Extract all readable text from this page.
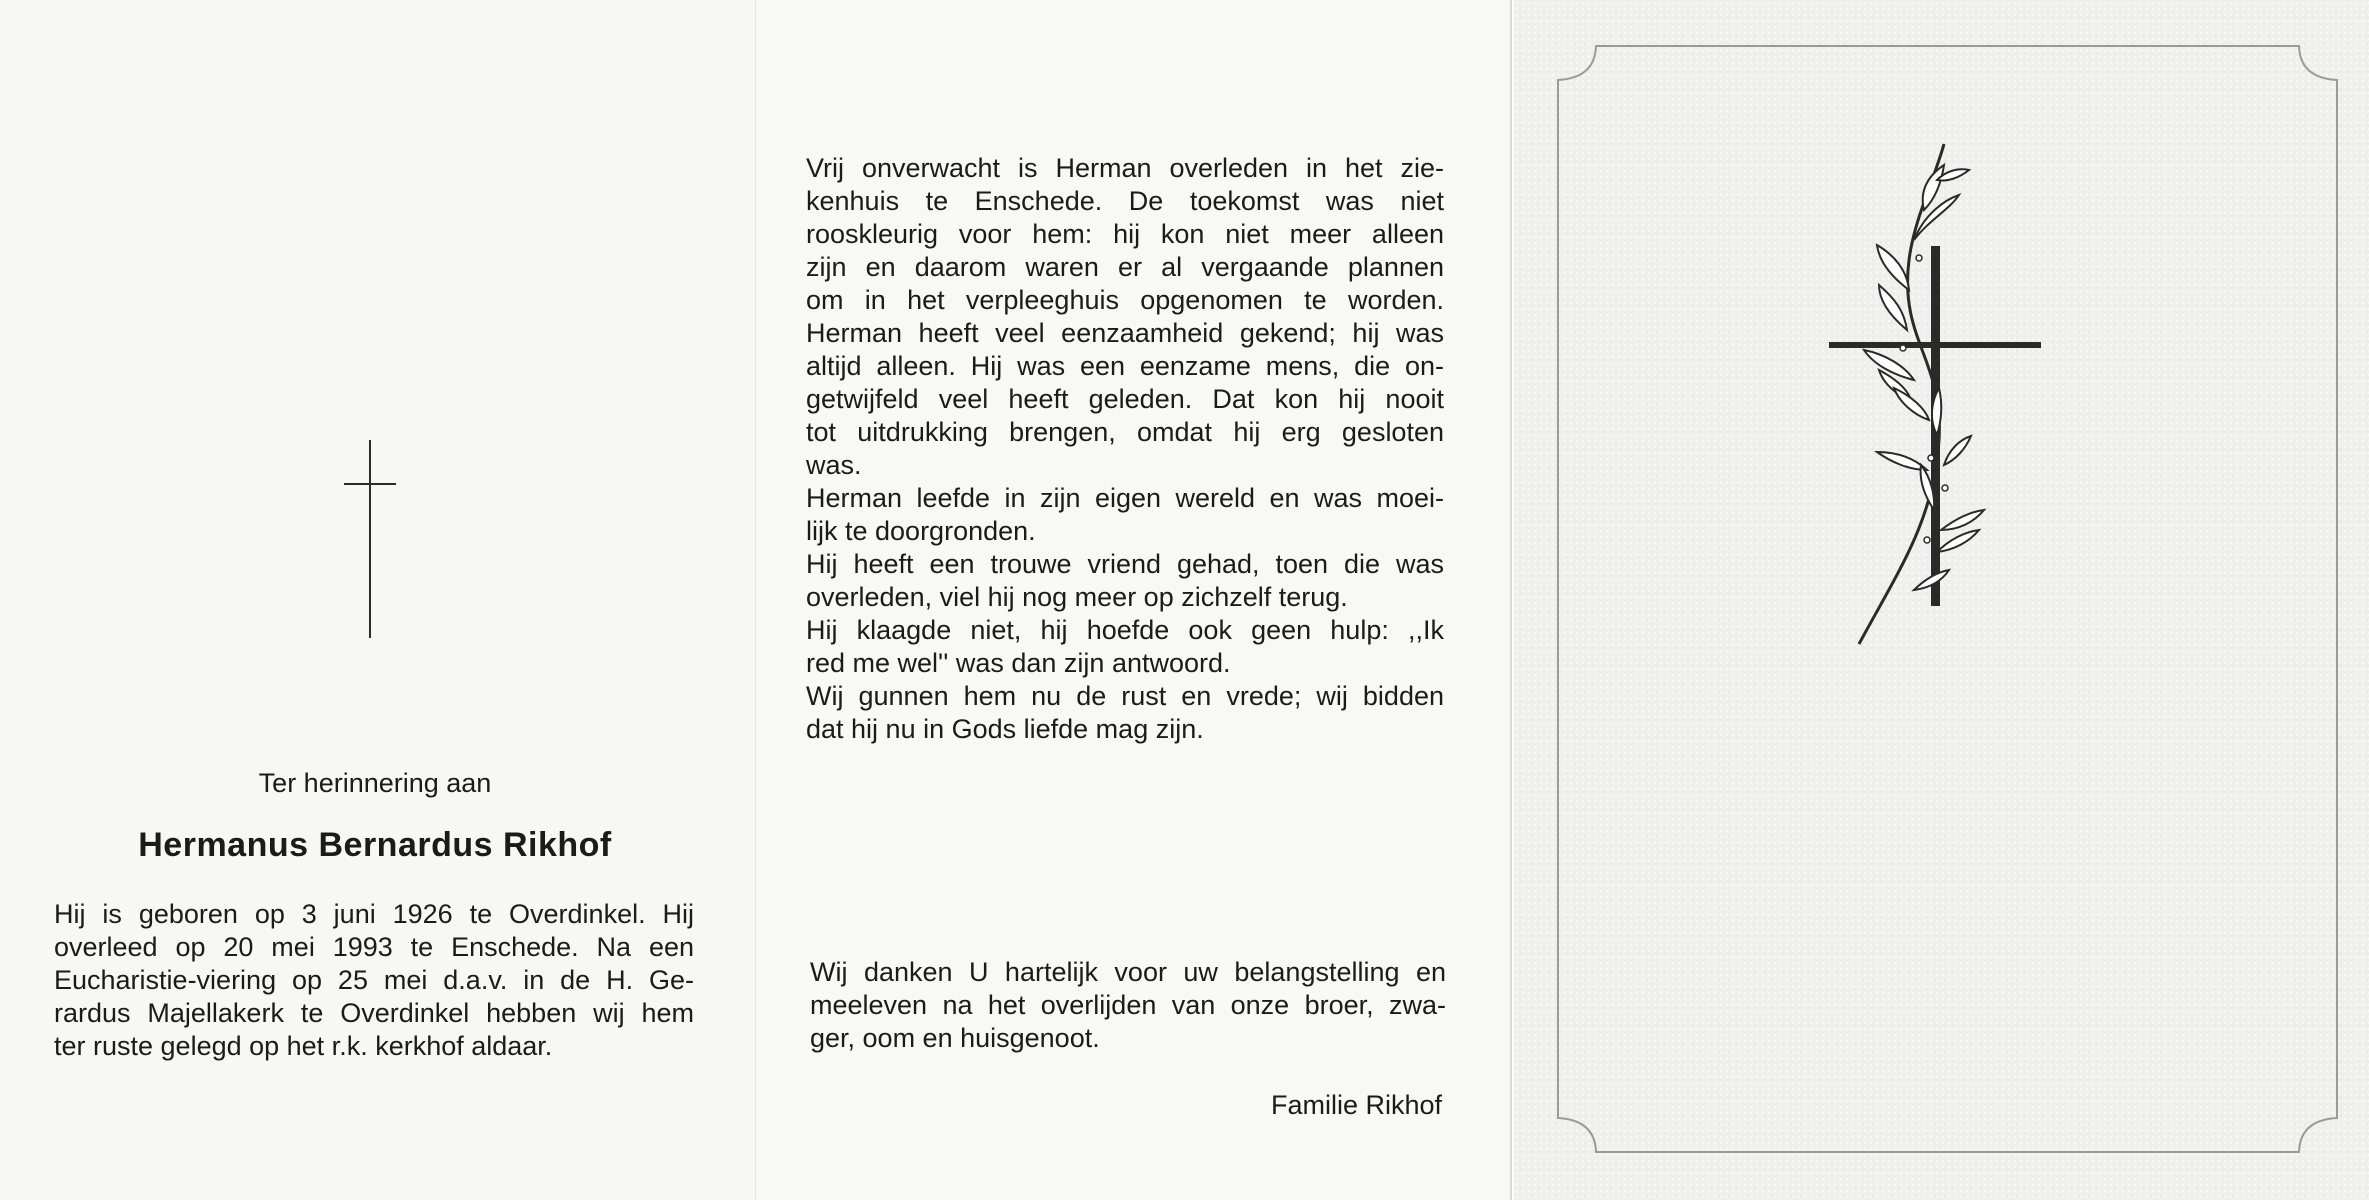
Ter herinnering aan
Hermanus Bernardus Rikhof
Hij is geboren op 3 juni 1926 te Overdinkel. Hij
overleed op 20 mei 1993 te Enschede. Na een
Eucharistie-viering op 25 mei d.a.v. in de H. Ge-
rardus Majellakerk te Overdinkel hebben wij hem
ter ruste gelegd op het r.k. kerkhof aldaar.
Vrij onverwacht is Herman overleden in het zie-
kenhuis te Enschede. De toekomst was niet
rooskleurig voor hem: hij kon niet meer alleen
zijn en daarom waren er al vergaande plannen
om in het verpleeghuis opgenomen te worden.
Herman heeft veel eenzaamheid gekend; hij was
altijd alleen. Hij was een eenzame mens, die on-
getwijfeld veel heeft geleden. Dat kon hij nooit
tot uitdrukking brengen, omdat hij erg gesloten
was.
Herman leefde in zijn eigen wereld en was moei-
lijk te doorgronden.
Hij heeft een trouwe vriend gehad, toen die was
overleden, viel hij nog meer op zichzelf terug.
Hij klaagde niet, hij hoefde ook geen hulp: ,,Ik
red me wel'' was dan zijn antwoord.
Wij gunnen hem nu de rust en vrede; wij bidden
dat hij nu in Gods liefde mag zijn.
Wij danken U hartelijk voor uw belangstelling en
meeleven na het overlijden van onze broer, zwa-
ger, oom en huisgenoot.
Familie Rikhof
